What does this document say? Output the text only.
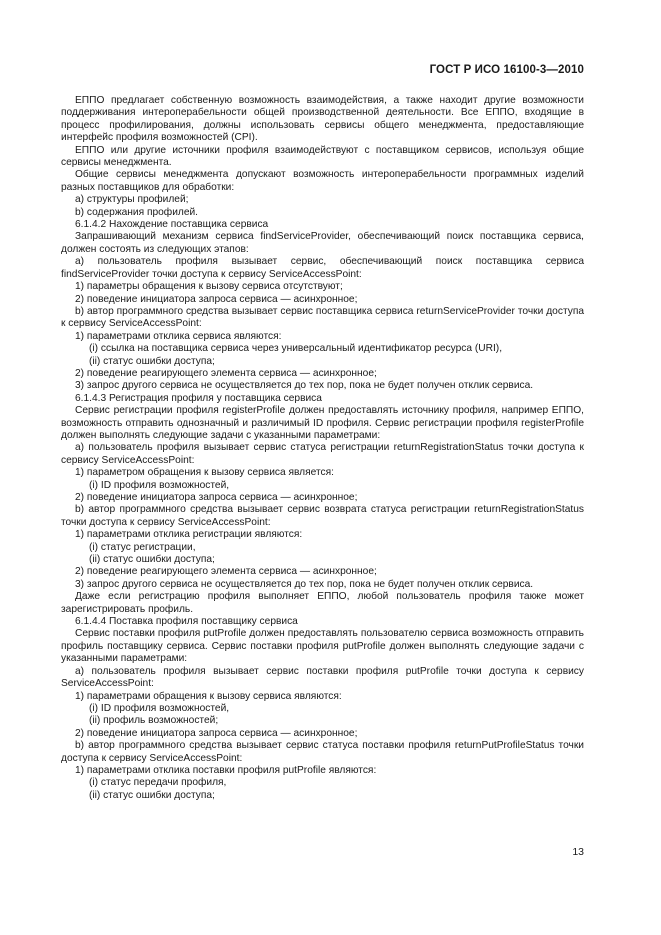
ГОСТ Р ИСО 16100-3—2010

ЕППО предлагает собственную возможность взаимодействия, а также находит другие возможности поддерживания интероперабельности общей производственной деятельности. Все ЕППО, входящие в процесс профилирования, должны использовать сервисы общего менеджмента, предоставляющие интерфейс профиля возможностей (CPI).

ЕППО или другие источники профиля взаимодействуют с поставщиком сервисов, используя общие сервисы менеджмента.

Общие сервисы менеджмента допускают возможность интероперабельности программных изделий разных поставщиков для обработки:

a) структуры профилей;

b) содержания профилей.

6.1.4.2 Нахождение поставщика сервиса

Запрашивающий механизм сервиса findServiceProvider, обеспечивающий поиск поставщика сервиса, должен состоять из следующих этапов:

a) пользователь профиля вызывает сервис, обеспечивающий поиск поставщика сервиса findServiceProvider точки доступа к сервису ServiceAccessPoint:

1) параметры обращения к вызову сервиса отсутствуют;

2) поведение инициатора запроса сервиса — асинхронное;

b) автор программного средства вызывает сервис поставщика сервиса returnServiceProvider точки доступа к сервису ServiceAccessPoint:

1) параметрами отклика сервиса являются:

(i) ссылка на поставщика сервиса через универсальный идентификатор ресурса (URI),

(ii) статус ошибки доступа;

2) поведение реагирующего элемента сервиса — асинхронное;

3) запрос другого сервиса не осуществляется до тех пор, пока не будет получен отклик сервиса.

6.1.4.3 Регистрация профиля у поставщика сервиса

Сервис регистрации профиля registerProfile должен предоставлять источнику профиля, например ЕППО, возможность отправить однозначный и различимый ID профиля. Сервис регистрации профиля registerProfile должен выполнять следующие задачи с указанными параметрами:

a) пользователь профиля вызывает сервис статуса регистрации returnRegistrationStatus точки доступа к сервису ServiceAccessPoint:

1) параметром обращения к вызову сервиса является:

(i) ID профиля возможностей,

2) поведение инициатора запроса сервиса — асинхронное;

b) автор программного средства вызывает сервис возврата статуса регистрации returnRegistrationStatus точки доступа к сервису ServiceAccessPoint:

1) параметрами отклика регистрации являются:

(i) статус регистрации,

(ii) статус ошибки доступа;

2) поведение реагирующего элемента сервиса — асинхронное;

3) запрос другого сервиса не осуществляется до тех пор, пока не будет получен отклик сервиса.

Даже если регистрацию профиля выполняет ЕППО, любой пользователь профиля также может зарегистрировать профиль.

6.1.4.4 Поставка профиля поставщику сервиса

Сервис поставки профиля putProfile должен предоставлять пользователю сервиса возможность отправить профиль поставщику сервиса. Сервис поставки профиля putProfile должен выполнять следующие задачи с указанными параметрами:

a) пользователь профиля вызывает сервис поставки профиля putProfile точки доступа к сервису ServiceAccessPoint:

1) параметрами обращения к вызову сервиса являются:

(i) ID профиля возможностей,

(ii) профиль возможностей;

2) поведение инициатора запроса сервиса — асинхронное;

b) автор программного средства вызывает сервис статуса поставки профиля returnPutProfileStatus точки доступа к сервису ServiceAccessPoint:

1) параметрами отклика поставки профиля putProfile являются:

(i) статус передачи профиля,

(ii) статус ошибки доступа;

13
